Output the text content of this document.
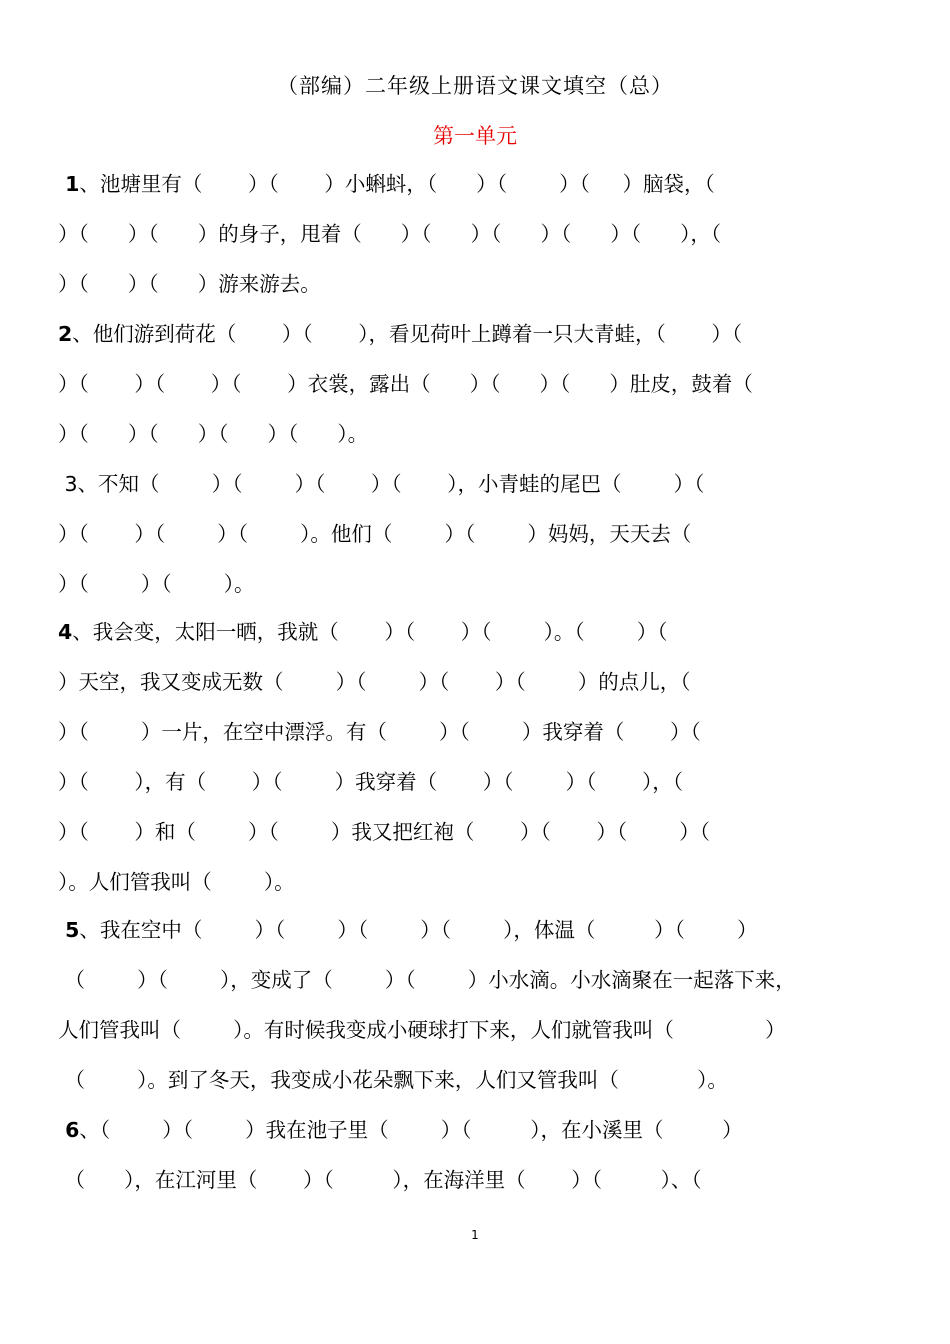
（部编）二年级上册语文课文填空（总）
第一单元
1、池塘里有（       ）（       ）小蝌蚪，（      ）（        ）（     ）脑袋，（
）（      ）（      ）的身子，甩着（      ）（      ）（      ）（      ）（      ），（
）（      ）（      ）游来游去。
2、他们游到荷花（       ）（       ），看见荷叶上蹲着一只大青蛙，（       ）（
）（       ）（       ）（       ）衣裳，露出（      ）（      ）（      ）肚皮，鼓着（
）（      ）（      ）（      ）（      ）。
3、不知（        ）（        ）（       ）（       ），小青蛙的尾巴（        ）（
）（       ）（        ）（        ）。他们（        ）（        ）妈妈，天天去（
）（        ）（        ）。
4、我会变，太阳一晒，我就（       ）（       ）（        ）。（        ）（
）天空，我又变成无数（        ）（        ）（       ）（        ）的点儿，（
）（        ）一片，在空中漂浮。有（        ）（        ）我穿着（       ）（
）（       ），有（       ）（        ）我穿着（       ）（        ）（       ），（
）（       ）和（        ）（        ）我又把红袍（       ）（       ）（        ）（
）。人们管我叫（        ）。
5、我在空中（        ）（        ）（        ）（        ），体温（         ）（        ）
（        ）（        ），变成了（        ）（        ）小水滴。小水滴聚在一起落下来，
人们管我叫（        ）。有时候我变成小硬球打下来，人们就管我叫（              ）
（        ）。到了冬天，我变成小花朵飘下来，人们又管我叫（            ）。
6、（        ）（        ）我在池子里（        ）（         ），在小溪里（         ）
（      ），在江河里（       ）（         ），在海洋里（       ）（         ）、（
1
